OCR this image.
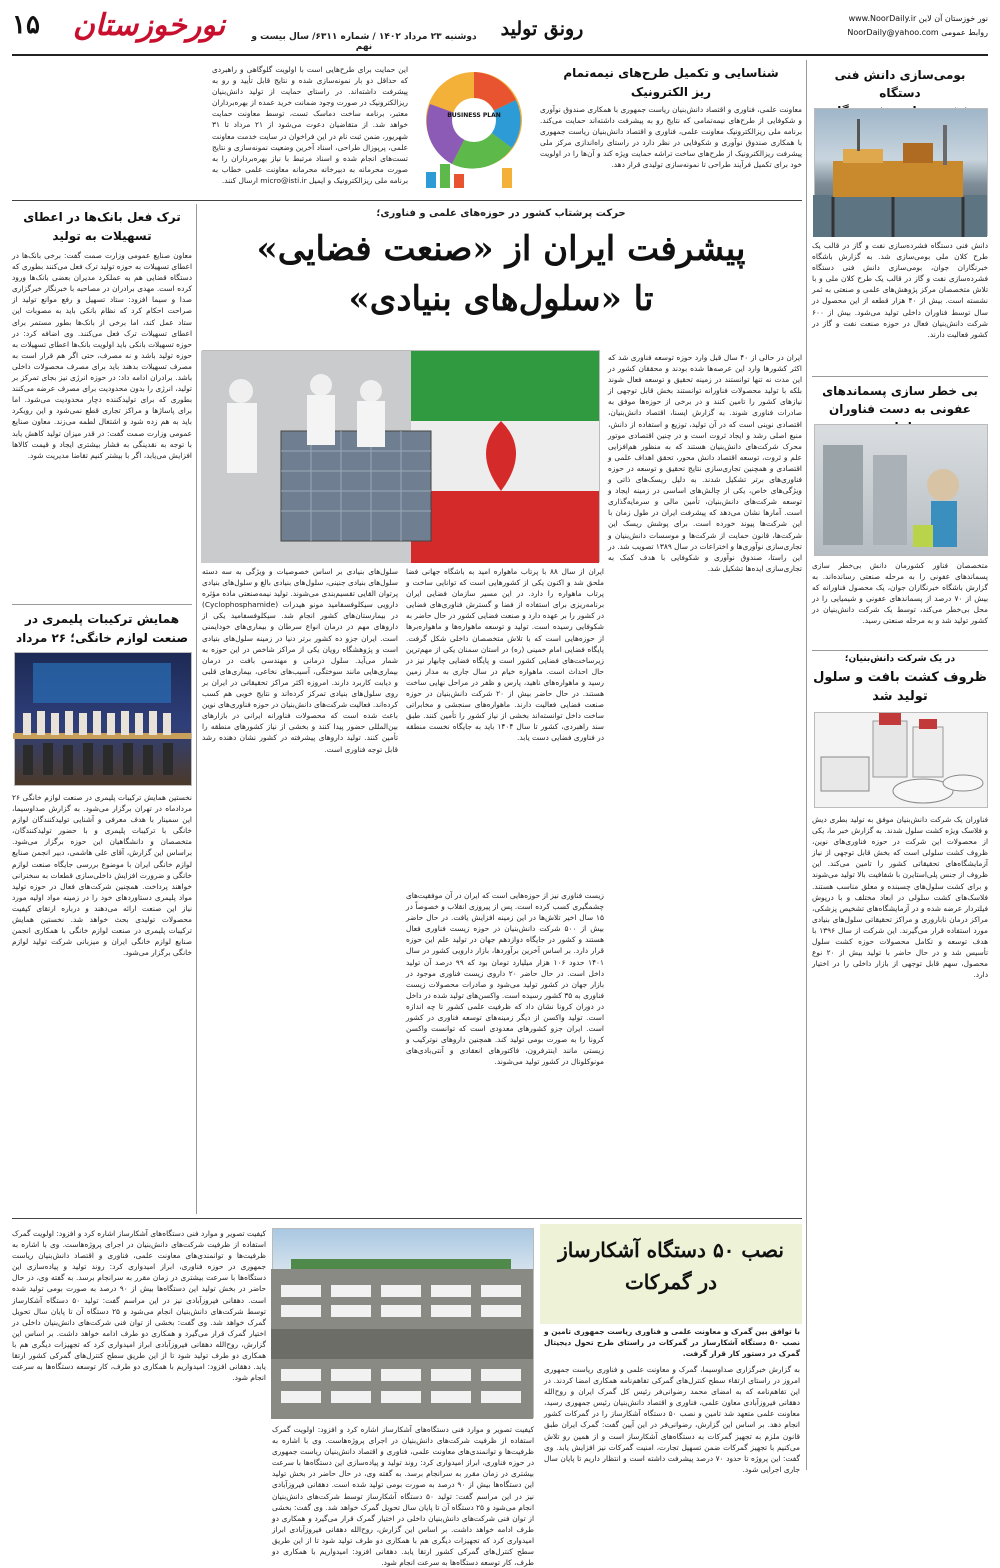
۱۵	نورخوزستان	دوشنبه ۲۳ مرداد ۱۴۰۲ / شماره ۶۳۱۱/ سال بیست و نهم
رونق تولید	www.NoorDaily.ir نور خوزستان آن لاین
NoorDaily@yahoo.com روابط عمومی
بومی‌سازی دانش فنی دستگاه
دانش فنی دستگاه فشرده‌سازی نفت و گاز در قالب یک طرح کلان ملی بومی‌سازی شد. به گزارش باشگاه خبرنگاران جوان، بومی‌سازی دانش فنی دستگاه فشرده‌سازی نفت و گاز در قالب یک طرح کلان ملی و با تلاش متخصصان مرکز پژوهش‌های علمی و صنعتی به ثمر نشسته است. بیش از ۴۰ هزار قطعه از این محصول در سال توسط فناوران داخلی تولید می‌شود. بیش از ۶۰۰ شرکت دانش‌بنیان فعال در حوزه صنعت نفت و گاز در کشور فعالیت دارند.
بی خطر سازی پسماندهای
عفونی به دست فناوران
متخصصان فناور کشورمان دانش بی‌خطر سازی پسماندهای عفونی را به مرحله صنعتی رسانده‌اند. به گزارش باشگاه خبرنگاران جوان، یک محصول فناورانه که بیش از ۷۰ درصد از پسماندهای عفونی و شیمیایی را در محل بی‌خطر می‌کند، توسط یک شرکت دانش‌بنیان در کشور تولید شد و به مرحله صنعتی رسید.
در یک شرکت دانش‌بنیان؛
ظروف کشت بافت و سلول
تولید شد
فناوران یک شرکت دانش‌بنیان موفق به تولید بطری دیش و فلاسک ویژه کشت سلول شدند. به گزارش خبر ما، یکی از محصولات این شرکت در حوزه فناوری‌های نوین، ظروف کشت سلولی است که بخش قابل توجهی از نیاز آزمایشگاه‌های تحقیقاتی کشور را تامین می‌کند. این ظروف از جنس پلی‌استایرن با شفافیت بالا تولید می‌شوند و برای کشت سلول‌های چسبنده و معلق مناسب هستند. فلاسک‌های کشت سلولی در ابعاد مختلف و با درپوش فیلتردار عرضه شده و در آزمایشگاه‌های تشخیص پزشکی، مراکز درمان ناباروری و مراکز تحقیقاتی سلول‌های بنیادی مورد استفاده قرار می‌گیرند. این شرکت از سال ۱۳۹۶ با هدف توسعه و تکامل محصولات حوزه کشت سلول تأسیس شد و در حال حاضر با تولید بیش از ۲۰ نوع محصول، سهم قابل توجهی از بازار داخلی را در اختیار دارد.
شناسایی و تکمیل طرح‌های نیمه‌تمام
ریز الکترونیک
معاونت علمی، فناوری و اقتصاد دانش‌بنیان ریاست جمهوری با همکاری صندوق نوآوری و شکوفایی از طرح‌های نیمه‌تمامی که نتایج رو به پیشرفت داشته‌اند حمایت می‌کند. برنامه ملی ریزالکترونیک معاونت علمی، فناوری و اقتصاد دانش‌بنیان ریاست جمهوری با همکاری صندوق نوآوری و شکوفایی در نظر دارد در راستای راه‌اندازی مرکز ملی پیشرفت ریزالکترونیک از طرح‌های ساخت تراشه حمایت ویژه کند و آن‌ها را در اولویت خود برای تکمیل فرآیند طراحی تا نمونه‌سازی تولیدی قرار دهد.
BUSINESS PLAN
این حمایت برای طرح‌هایی است با اولویت گلوگاهی و راهبردی که حداقل دو بار نمونه‌سازی شده و نتایج قابل تأیید و رو به پیشرفت داشته‌اند. در راستای حمایت از تولید دانش‌بنیان ریزالکترونیک در صورت وجود ضمانت خرید عمده از بهره‌برداران معتبر، برنامه ساخت دماسک تست، توسط معاونت حمایت خواهد شد. از متقاضیان دعوت می‌شود از ۲۱ مرداد تا ۳۱ شهریور، ضمن ثبت نام در این فراخوان در سایت خدمت معاونت علمی، پرپوزال طراحی، اسناد آخرین وضعیت نمونه‌سازی و نتایج تست‌های انجام شده و اسناد مرتبط با نیاز بهره‌برداران را به صورت محرمانه به دبیرخانه محرمانه معاونت علمی خطاب به برنامه ملی ریزالکترونیک و ایمیل micro@isti.ir ارسال کنند.
ترک فعل بانک‌ها در اعطای
تسهیلات به تولید
معاون صنایع عمومی وزارت صمت گفت: برخی بانک‌ها در اعطای تسهیلات به حوزه تولید ترک فعل می‌کنند بطوری که دستگاه قضایی هم به عملکرد مدیران بعضی بانک‌ها ورود کرده است. مهدی برادران در مصاحبه با خبرنگار خبرگزاری صدا و سیما افزود: ستاد تسهیل و رفع موانع تولید از صراحت احکام کرد که نظام بانکی باید به مصوبات این ستاد عمل کند، اما برخی از بانک‌ها بطور مستمر برای اعطای تسهیلات ترک فعل می‌کنند. وی اضافه کرد: در حوزه تسهیلات بانکی باید اولویت بانک‌ها اعطای تسهیلات به حوزه تولید باشد و نه مصرف، حتی اگر هم قرار است به مصرف تسهیلات بدهند باید برای مصرف محصولات داخلی باشد. برادران ادامه داد: در حوزه انرژی نیز بجای تمرکز بر تولید، انرژی را بدون محدودیت برای مصرف عرضه می‌کنند بطوری که برای تولید‌کننده دچار محدودیت می‌شود. اما برای پاساژها و مراکز تجاری قطع نمی‌شود و این رویکرد باید به هم زده شود و اشتغال لطمه می‌زند. معاون صنایع عمومی وزارت صمت گفت: در قدر میزان تولید کاهش یابد با توجه به نقدینگی به فشار بیشتری ایجاد و قیمت کالاها افزایش می‌یابد، اگر با بیشتر کنیم تقاضا مدیریت شود.
همایش ترکیبات پلیمری در
صنعت لوازم خانگی؛ ۲۶ مرداد
نخستین همایش ترکیبات پلیمری در صنعت لوازم خانگی ۲۶ مردادماه در تهران برگزار می‌شود. به گزارش صداوسیما، این سمینار با هدف معرفی و آشنایی تولیدکنندگان لوازم خانگی با ترکیبات پلیمری و با حضور تولیدکنندگان، متخصصان و دانشگاهیان این حوزه برگزار می‌شود. براساس این گزارش، آقای علی هاشمی، دبیر انجمن صنایع لوازم خانگی ایران با موضوع بررسی جایگاه صنعت لوازم خانگی و ضرورت افزایش داخلی‌سازی قطعات به سخنرانی خواهند پرداخت. همچنین شرکت‌های فعال در حوزه تولید مواد پلیمری دستاوردهای خود را در زمینه مواد اولیه مورد نیاز این صنعت ارائه می‌دهند و درباره ارتقای کیفیت محصولات تولیدی بحث خواهد شد. نخستین همایش ترکیبات پلیمری در صنعت لوازم خانگی با همکاری انجمن صنایع لوازم خانگی ایران و میزبانی شرکت تولید لوازم خانگی برگزار می‌شود.
حرکت پرشتاب کشور در حوزه‌های علمی و فناوری؛
پیشرفت ایران از «صنعت فضایی»
تا «سلول‌های بنیادی»
ایران در حالی از ۴۰ سال قبل وارد حوزه توسعه فناوری شد که اکثر کشورها وارد این عرصه‌ها شده بودند و محققان کشور در این مدت نه تنها توانستند در زمینه تحقیق و توسعه فعال شوند بلکه با تولید محصولات فناورانه توانستند بخش قابل توجهی از نیازهای کشور را تامین کنند و در برخی از حوزه‌ها موفق به صادرات فناوری شوند. به گزارش ایسنا، اقتصاد دانش‌بنیان، اقتصادی نوینی است که در آن تولید، توزیع و استفاده از دانش، منبع اصلی رشد و ایجاد ثروت است و در چنین اقتصادی موتور محرک شرکت‌های دانش‌بنیان هستند که به منظور هم‌افزایی علم و ثروت، توسعه اقتصاد دانش محور، تحقق اهداف علمی و اقتصادی و همچنین تجاری‌سازی نتایج تحقیق و توسعه در حوزه فناوری‌های برتر تشکیل شدند. به دلیل ریسک‌های ذاتی و ویژگی‌های خاص، یکی از چالش‌های اساسی در زمینه ایجاد و توسعه شرکت‌های دانش‌بنیان، تأمین مالی و سرمایه‌گذاری است. آمارها نشان می‌دهد که پیشرفت ایران در طول زمان با این شرکت‌ها پیوند خورده است. برای پوشش ریسک این شرکت‌ها، قانون حمایت از شرکت‌ها و موسسات دانش‌بنیان و تجاری‌سازی نوآوری‌ها و اختراعات در سال ۱۳۸۹ تصویب شد. در این راستا، صندوق نوآوری و شکوفایی با هدف کمک به تجاری‌سازی ایده‌ها تشکیل شد.
ایران از سال ۸۸ با پرتاب ماهواره امید به باشگاه جهانی فضا ملحق شد و اکنون یکی از کشورهایی است که توانایی ساخت و پرتاب ماهواره را دارد. در این مسیر سازمان فضایی ایران برنامه‌ریزی برای استفاده از فضا و گسترش فناوری‌های فضایی در کشور را بر عهده دارد و صنعت فضایی کشور در حال حاضر به شکوفایی رسیده است. تولید و توسعه ماهواره‌ها و ماهواره‌برها از حوزه‌هایی است که با تلاش متخصصان داخلی شکل گرفت. پایگاه فضایی امام خمینی (ره) در استان سمنان یکی از مهم‌ترین زیرساخت‌های فضایی کشور است و پایگاه فضایی چابهار نیز در حال احداث است. ماهواره خیام در سال جاری به مدار زمین رسید و ماهواره‌های ناهید، پارس و ظفر در مراحل نهایی ساخت هستند. در حال حاضر بیش از ۲۰ شرکت دانش‌بنیان در حوزه صنعت فضایی فعالیت دارند. ماهواره‌های سنجشی و مخابراتی ساخت داخل توانسته‌اند بخشی از نیاز کشور را تأمین کنند. طبق سند راهبردی، کشور تا سال ۱۴۰۴ باید به جایگاه نخست منطقه در فناوری فضایی دست یابد.
زیست فناوری نیز از حوزه‌هایی است که ایران در آن موفقیت‌های چشمگیری کسب کرده است. پس از پیروزی انقلاب و خصوصاً در ۱۵ سال اخیر تلاش‌ها در این زمینه افزایش یافت. در حال حاضر بیش از ۵۰۰ شرکت دانش‌بنیان در حوزه زیست فناوری فعال هستند و کشور در جایگاه دوازدهم جهان در تولید علم این حوزه قرار دارد. بر اساس آخرین برآوردها، بازار دارویی کشور در سال ۱۴۰۱ حدود ۱۰۶ هزار میلیارد تومان بود که ۹۹ درصد آن تولید داخل است. در حال حاضر ۲۰ داروی زیست فناوری موجود در بازار جهان در کشور تولید می‌شود و صادرات محصولات زیست فناوری به ۳۵ کشور رسیده است. واکسن‌های تولید شده در داخل در دوران کرونا نشان داد که ظرفیت علمی کشور تا چه اندازه است. تولید واکسن از دیگر زمینه‌های توسعه فناوری در کشور است. ایران جزو کشورهای معدودی است که توانست واکسن کرونا را به صورت بومی تولید کند. همچنین داروهای نوترکیب و زیستی مانند اینترفرون، فاکتورهای انعقادی و آنتی‌بادی‌های مونوکلونال در کشور تولید می‌شوند.
سلول‌های بنیادی بر اساس خصوصیات و ویژگی به سه دسته سلول‌های بنیادی جنینی، سلول‌های بنیادی بالغ و سلول‌های بنیادی پرتوان القایی تقسیم‌بندی می‌شوند. تولید نیمه‌صنعتی ماده مؤثره دارویی سیکلوفسفامید مونو هیدرات (Cyclophosphamide) در بیمارستان‌های کشور انجام شد. سیکلوفسفامید یکی از داروهای مهم در درمان انواع سرطان و بیماری‌های خودایمنی است. ایران جزو ده کشور برتر دنیا در زمینه سلول‌های بنیادی است و پژوهشگاه رویان یکی از مراکز شاخص در این حوزه به شمار می‌آید. سلول درمانی و مهندسی بافت در درمان بیماری‌هایی مانند سوختگی، آسیب‌های نخاعی، بیماری‌های قلبی و دیابت کاربرد دارند. امروزه اکثر مراکز تحقیقاتی در ایران بر روی سلول‌های بنیادی تمرکز کرده‌اند و نتایج خوبی هم کسب کرده‌اند. فعالیت شرکت‌های دانش‌بنیان در حوزه فناوری‌های نوین باعث شده است که محصولات فناورانه ایرانی در بازارهای بین‌المللی حضور پیدا کنند و بخشی از نیاز کشورهای منطقه را تأمین کنند. تولید داروهای پیشرفته در کشور نشان دهنده رشد قابل توجه فناوری است.
نصب ۵۰ دستگاه آشکارساز
در گمرکات
با توافق بین گمرک و معاونت علمی و فناوری ریاست جمهوری تامین و نصب ۵۰ دستگاه آشکارساز در گمرکات در راستای طرح تحول دیجیتال گمرک در دستور کار قرار گرفت.
به گزارش خبرگزاری صداوسیما، گمرک و معاونت علمی و فناوری ریاست جمهوری امروز در راستای ارتقاء سطح کنترل‌های گمرکی تفاهم‌نامه همکاری امضا کردند. در این تفاهم‌نامه که به امضای محمد رضوانی‌فر رئیس کل گمرک ایران و روح‌الله دهقانی فیروزآبادی معاون علمی، فناوری و اقتصاد دانش‌بنیان رئیس جمهوری رسید، معاونت علمی متعهد شد تامین و نصب ۵۰ دستگاه آشکارساز را در گمرکات کشور انجام دهد. بر اساس این گزارش، رضوانی‌فر در این آیین گفت: گمرک ایران طبق قانون ملزم به تجهیز گمرکات به دستگاه‌های آشکارساز است و از همین رو تلاش می‌کنیم با تجهیز گمرکات ضمن تسهیل تجارت، امنیت گمرکات نیز افزایش یابد. وی گفت: این پروژه تا حدود ۷۰ درصد پیشرفت داشته است و انتظار داریم تا پایان سال جاری اجرایی شود.
کیفیت تصویر و موارد فنی دستگاه‌های آشکارساز اشاره کرد و افزود: اولویت گمرک استفاده از ظرفیت شرکت‌های دانش‌بنیان در اجرای پروژه‌هاست. وی با اشاره به ظرفیت‌ها و توانمندی‌های معاونت علمی، فناوری و اقتصاد دانش‌بنیان ریاست جمهوری در حوزه فناوری، ابراز امیدواری کرد: روند تولید و پیاده‌سازی این دستگاه‌ها با سرعت بیشتری در زمان مقرر به سرانجام برسد. به گفته وی، در حال حاضر در بخش تولید این دستگاه‌ها بیش از ۹۰ درصد به صورت بومی تولید شده است. دهقانی فیروزآبادی نیز در این مراسم گفت: تولید ۵۰ دستگاه آشکارساز توسط شرکت‌های دانش‌بنیان انجام می‌شود و ۲۵ دستگاه آن تا پایان سال تحویل گمرک خواهد شد. وی گفت: بخشی از توان فنی شرکت‌های دانش‌بنیان داخلی در اختیار گمرک قرار می‌گیرد و همکاری دو طرف ادامه خواهد داشت. بر اساس این گزارش، روح‌الله دهقانی فیروزآبادی ابراز امیدواری کرد که تجهیزات دیگری هم با همکاری دو طرف تولید شود تا از این طریق سطح کنترل‌های گمرکی کشور ارتقا یابد. دهقانی افزود: امیدواریم با همکاری دو طرف، کار توسعه دستگاه‌ها به سرعت انجام شود.
کیفیت تصویر و موارد فنی دستگاه‌های آشکارساز اشاره کرد و افزود: اولویت گمرک استفاده از ظرفیت شرکت‌های دانش‌بنیان در اجرای پروژه‌هاست. وی با اشاره به ظرفیت‌ها و توانمندی‌های معاونت علمی، فناوری و اقتصاد دانش‌بنیان ریاست جمهوری در حوزه فناوری، ابراز امیدواری کرد: روند تولید و پیاده‌سازی این دستگاه‌ها با سرعت بیشتری در زمان مقرر به سرانجام برسد. به گفته وی، در حال حاضر در بخش تولید این دستگاه‌ها بیش از ۹۰ درصد به صورت بومی تولید شده است. دهقانی فیروزآبادی نیز در این مراسم گفت: تولید ۵۰ دستگاه آشکارساز توسط شرکت‌های دانش‌بنیان انجام می‌شود و ۲۵ دستگاه آن تا پایان سال تحویل گمرک خواهد شد. وی گفت: بخشی از توان فنی شرکت‌های دانش‌بنیان داخلی در اختیار گمرک قرار می‌گیرد و همکاری دو طرف ادامه خواهد داشت. بر اساس این گزارش، روح‌الله دهقانی فیروزآبادی ابراز امیدواری کرد که تجهیزات دیگری هم با همکاری دو طرف تولید شود تا از این طریق سطح کنترل‌های گمرکی کشور ارتقا یابد. دهقانی افزود: امیدواریم با همکاری دو طرف، کار توسعه دستگاه‌ها به سرعت انجام شود.
